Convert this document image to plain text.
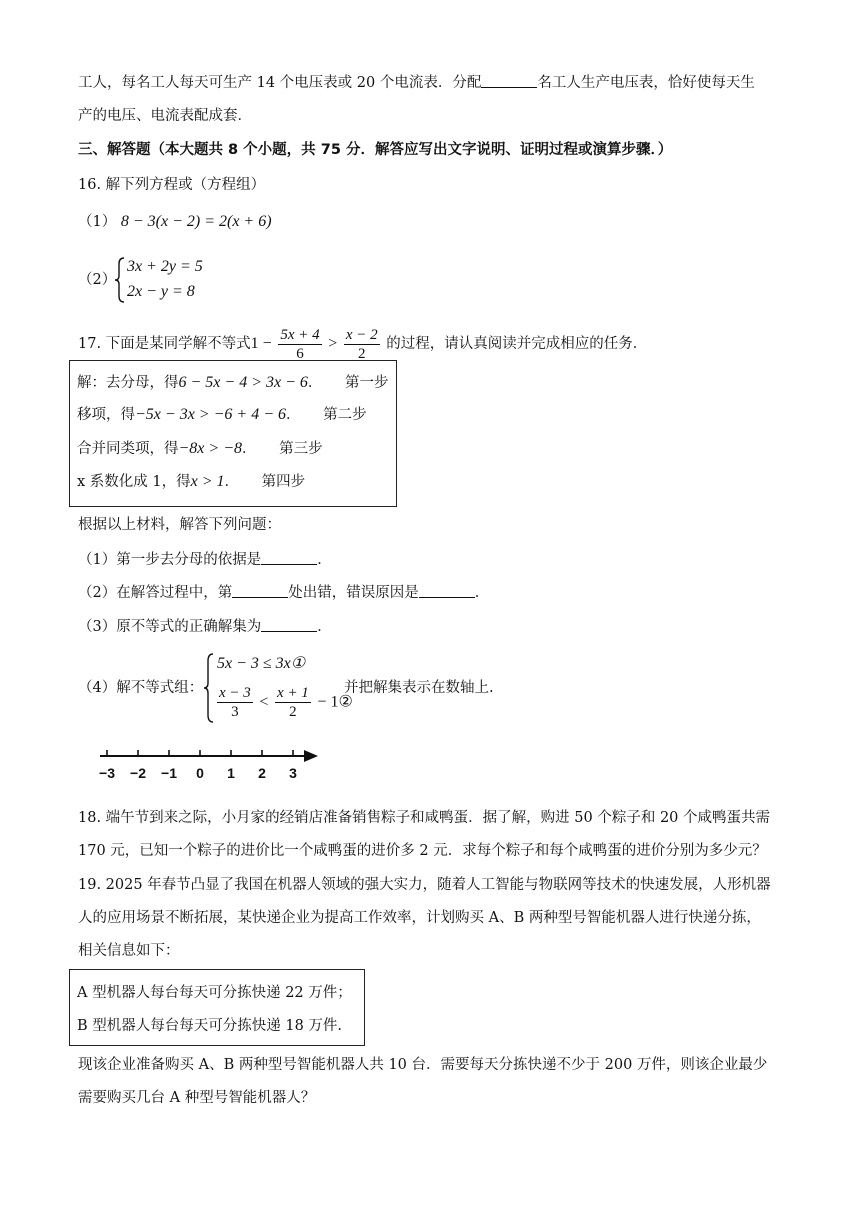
工人，每名工人每天可生产 14 个电压表或 20 个电流表．分配	名工人生产电压表，恰好使每天生
产的电压、电流表配成套．
三、解答题（本大题共 8 个小题，共 75 分．解答应写出文字说明、证明过程或演算步骤．）
16. 解下列方程或（方程组）
（1） 8 − 3(x − 2) = 2(x + 6)
（2）
3x + 2y = 5
2x − y = 8
17. 下面是某同学解不等式$1 - \frac{5x + 4}{6} > \frac{x - 2}{2}$ 的过程，请认真阅读并完成相应的任务．
解：去分母，得6 − 5x − 4 > 3x − 6． 第一步
移项，得−5x − 3x > −6 + 4 − 6． 第二步
合并同类项，得−8x > −8． 第三步
x 系数化成 1，得x > 1． 第四步
根据以上材料，解答下列问题：
（1）第一步去分母的依据是	．
（2）在解答过程中，第	处出错，错误原因是	．
（3）原不等式的正确解集为	．
（4）解不等式组：
5x − 3 ≤ 3x①
$\frac{x - 3}{3} < \frac{x + 1}{2}$ − 1②
并把解集表示在数轴上.
−3 −2 −1 0 1 2 3
18. 端午节到来之际，小月家的经销店准备销售粽子和咸鸭蛋．据了解，购进 50 个粽子和 20 个咸鸭蛋共需
170 元，已知一个粽子的进价比一个咸鸭蛋的进价多 2 元．求每个粽子和每个咸鸭蛋的进价分别为多少元？
19. 2025 年春节凸显了我国在机器人领域的强大实力，随着人工智能与物联网等技术的快速发展，人形机器
人的应用场景不断拓展，某快递企业为提高工作效率，计划购买 A、B 两种型号智能机器人进行快递分拣，
相关信息如下：
A 型机器人每台每天可分拣快递 22 万件；
B 型机器人每台每天可分拣快递 18 万件.
现该企业准备购买 A、B 两种型号智能机器人共 10 台．需要每天分拣快递不少于 200 万件，则该企业最少
需要购买几台 A 种型号智能机器人？
